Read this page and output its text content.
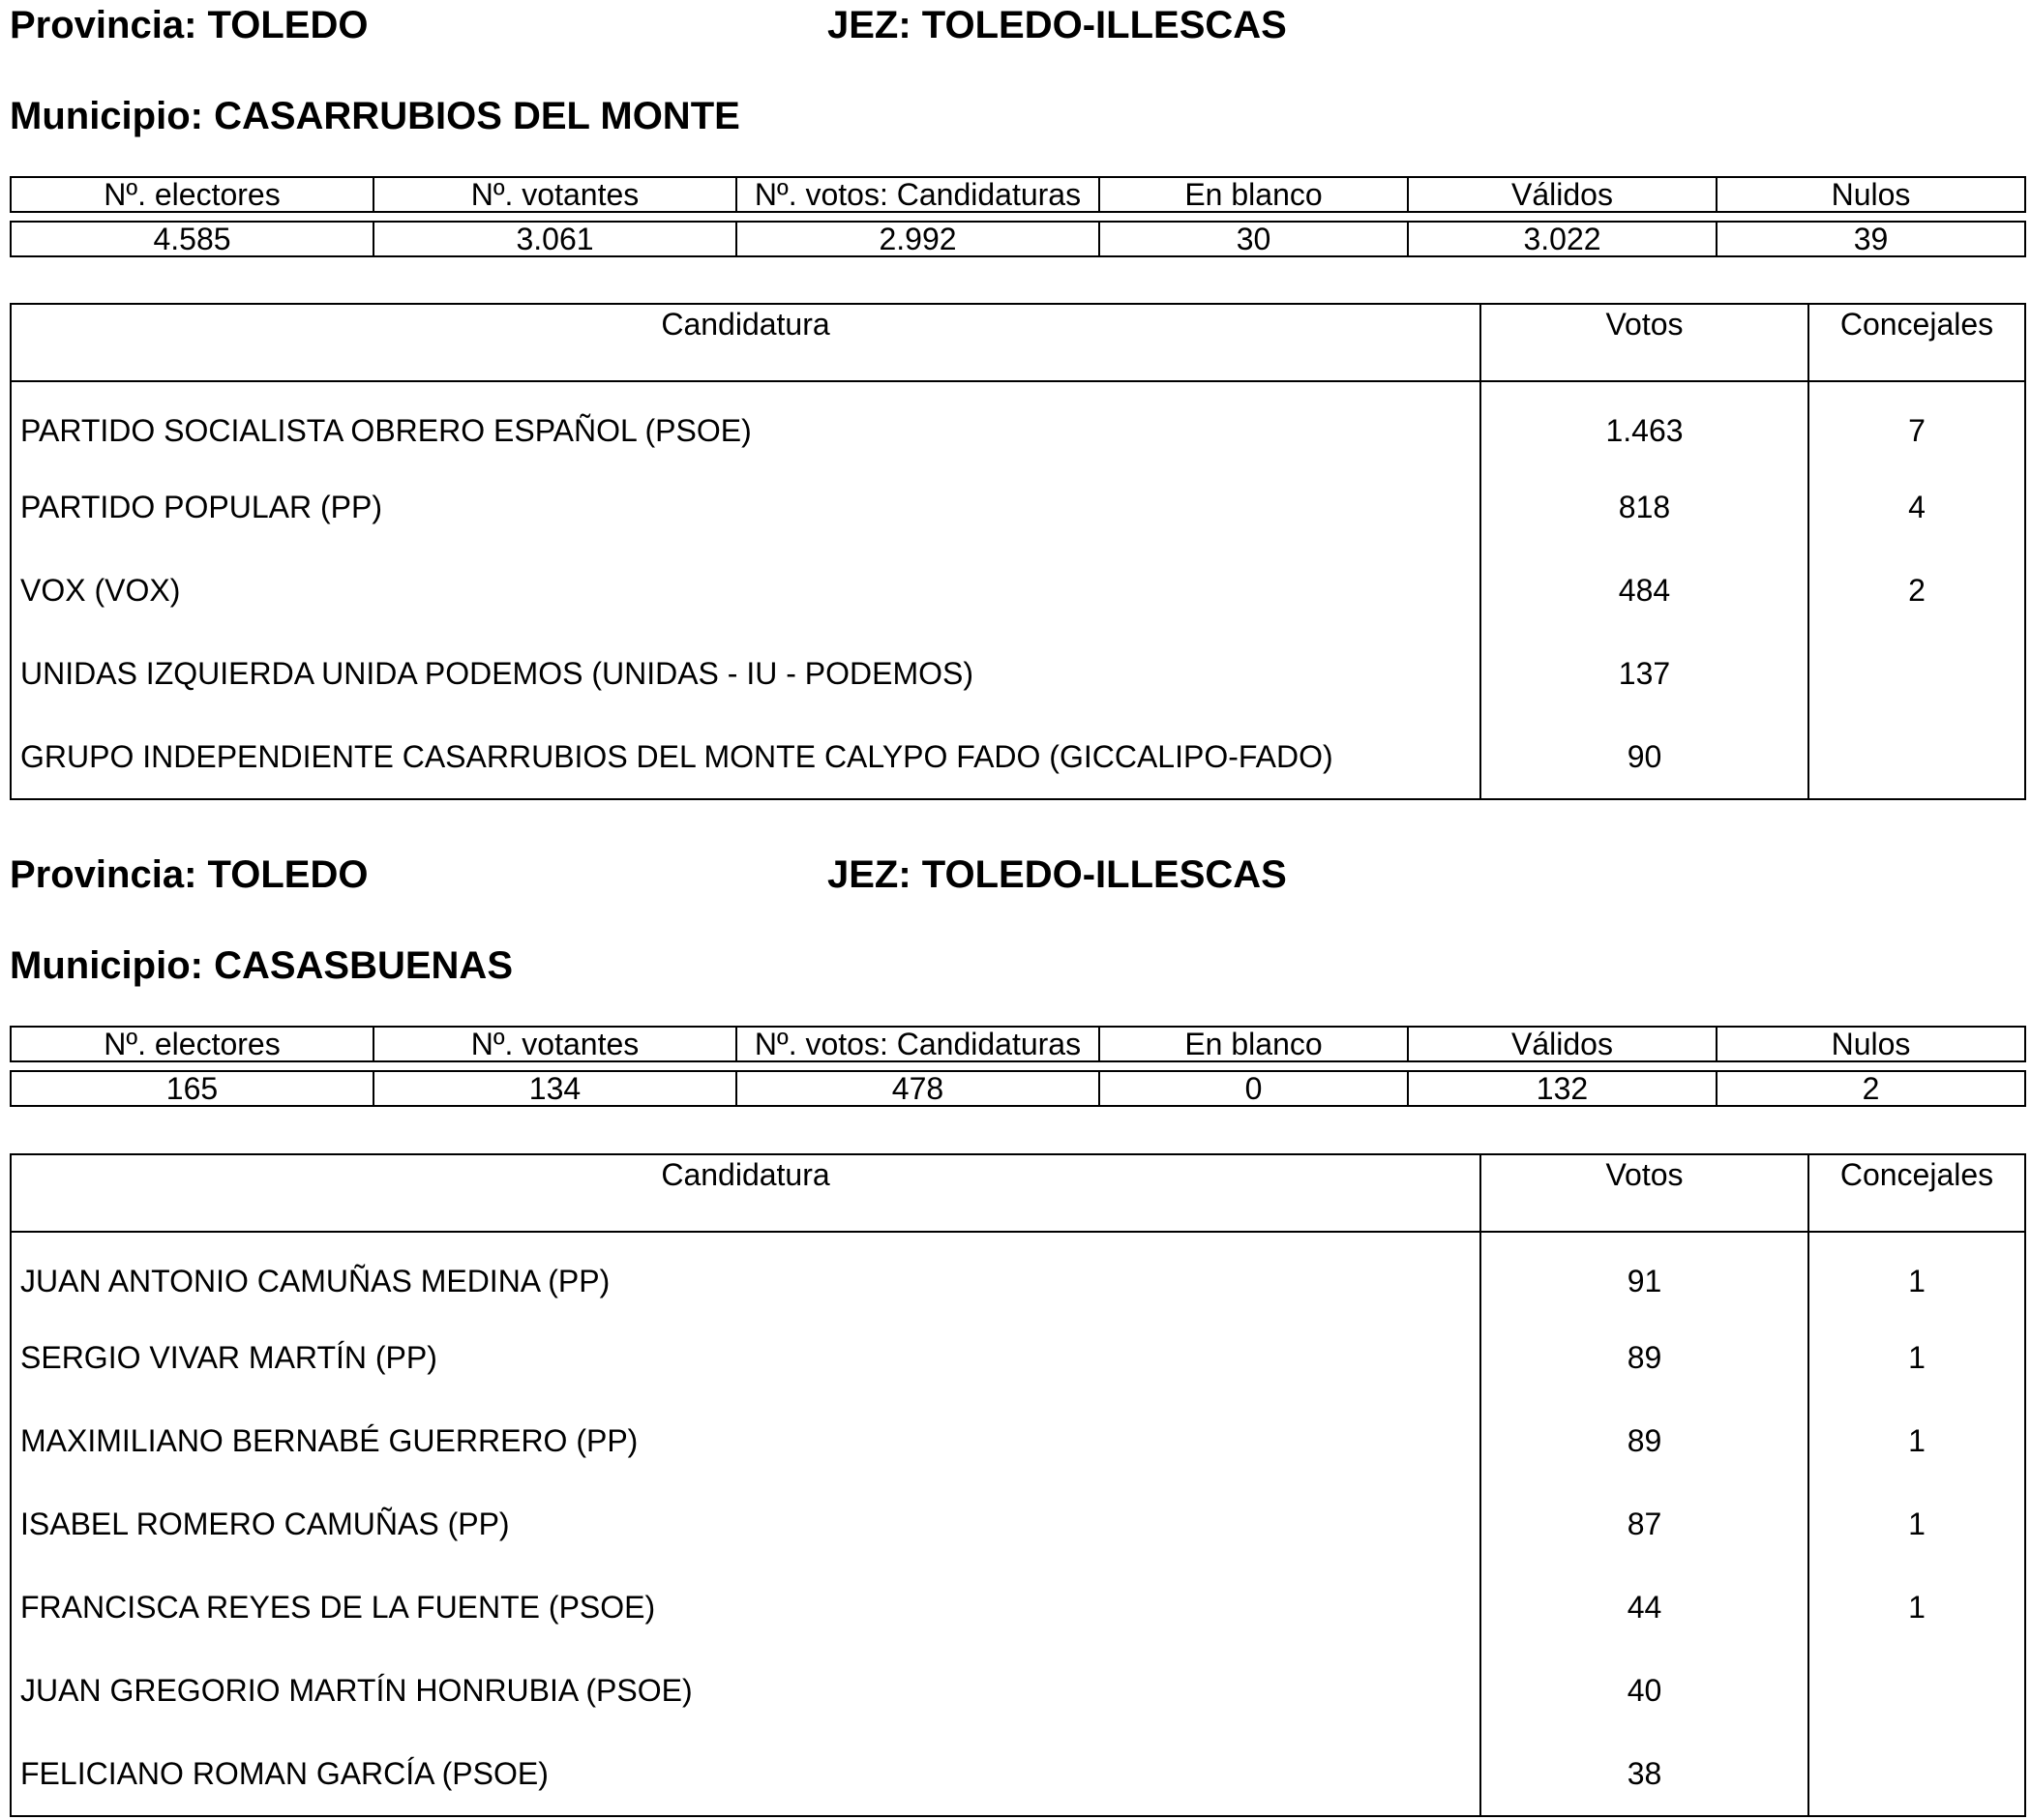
Provincia: TOLEDO	JEZ: TOLEDO-ILLESCAS
Municipio: CASARRUBIOS DEL MONTE
Nº. electores	Nº. votantes	Nº. votos: Candidaturas	En blanco	Válidos	Nulos

4.585	3.061	2.992	30	3.022	39
Candidatura	Votos	Concejales
PARTIDO SOCIALISTA OBRERO ESPAÑOL (PSOE)	1.463	7
PARTIDO POPULAR (PP)	818	4
VOX (VOX)	484	2
UNIDAS IZQUIERDA UNIDA PODEMOS (UNIDAS - IU - PODEMOS)	137	
GRUPO INDEPENDIENTE CASARRUBIOS DEL MONTE CALYPO FADO (GICCALIPO-FADO)	90	
Provincia: TOLEDO	JEZ: TOLEDO-ILLESCAS
Municipio: CASASBUENAS
Nº. electores	Nº. votantes	Nº. votos: Candidaturas	En blanco	Válidos	Nulos

165	134	478	0	132	2
Candidatura	Votos	Concejales
JUAN ANTONIO CAMUÑAS MEDINA (PP)	91	1
SERGIO VIVAR MARTÍN (PP)	89	1
MAXIMILIANO BERNABÉ GUERRERO (PP)	89	1
ISABEL ROMERO CAMUÑAS (PP)	87	1
FRANCISCA REYES DE LA FUENTE (PSOE)	44	1
JUAN GREGORIO MARTÍN HONRUBIA (PSOE)	40	
FELICIANO ROMAN GARCÍA (PSOE)	38	
